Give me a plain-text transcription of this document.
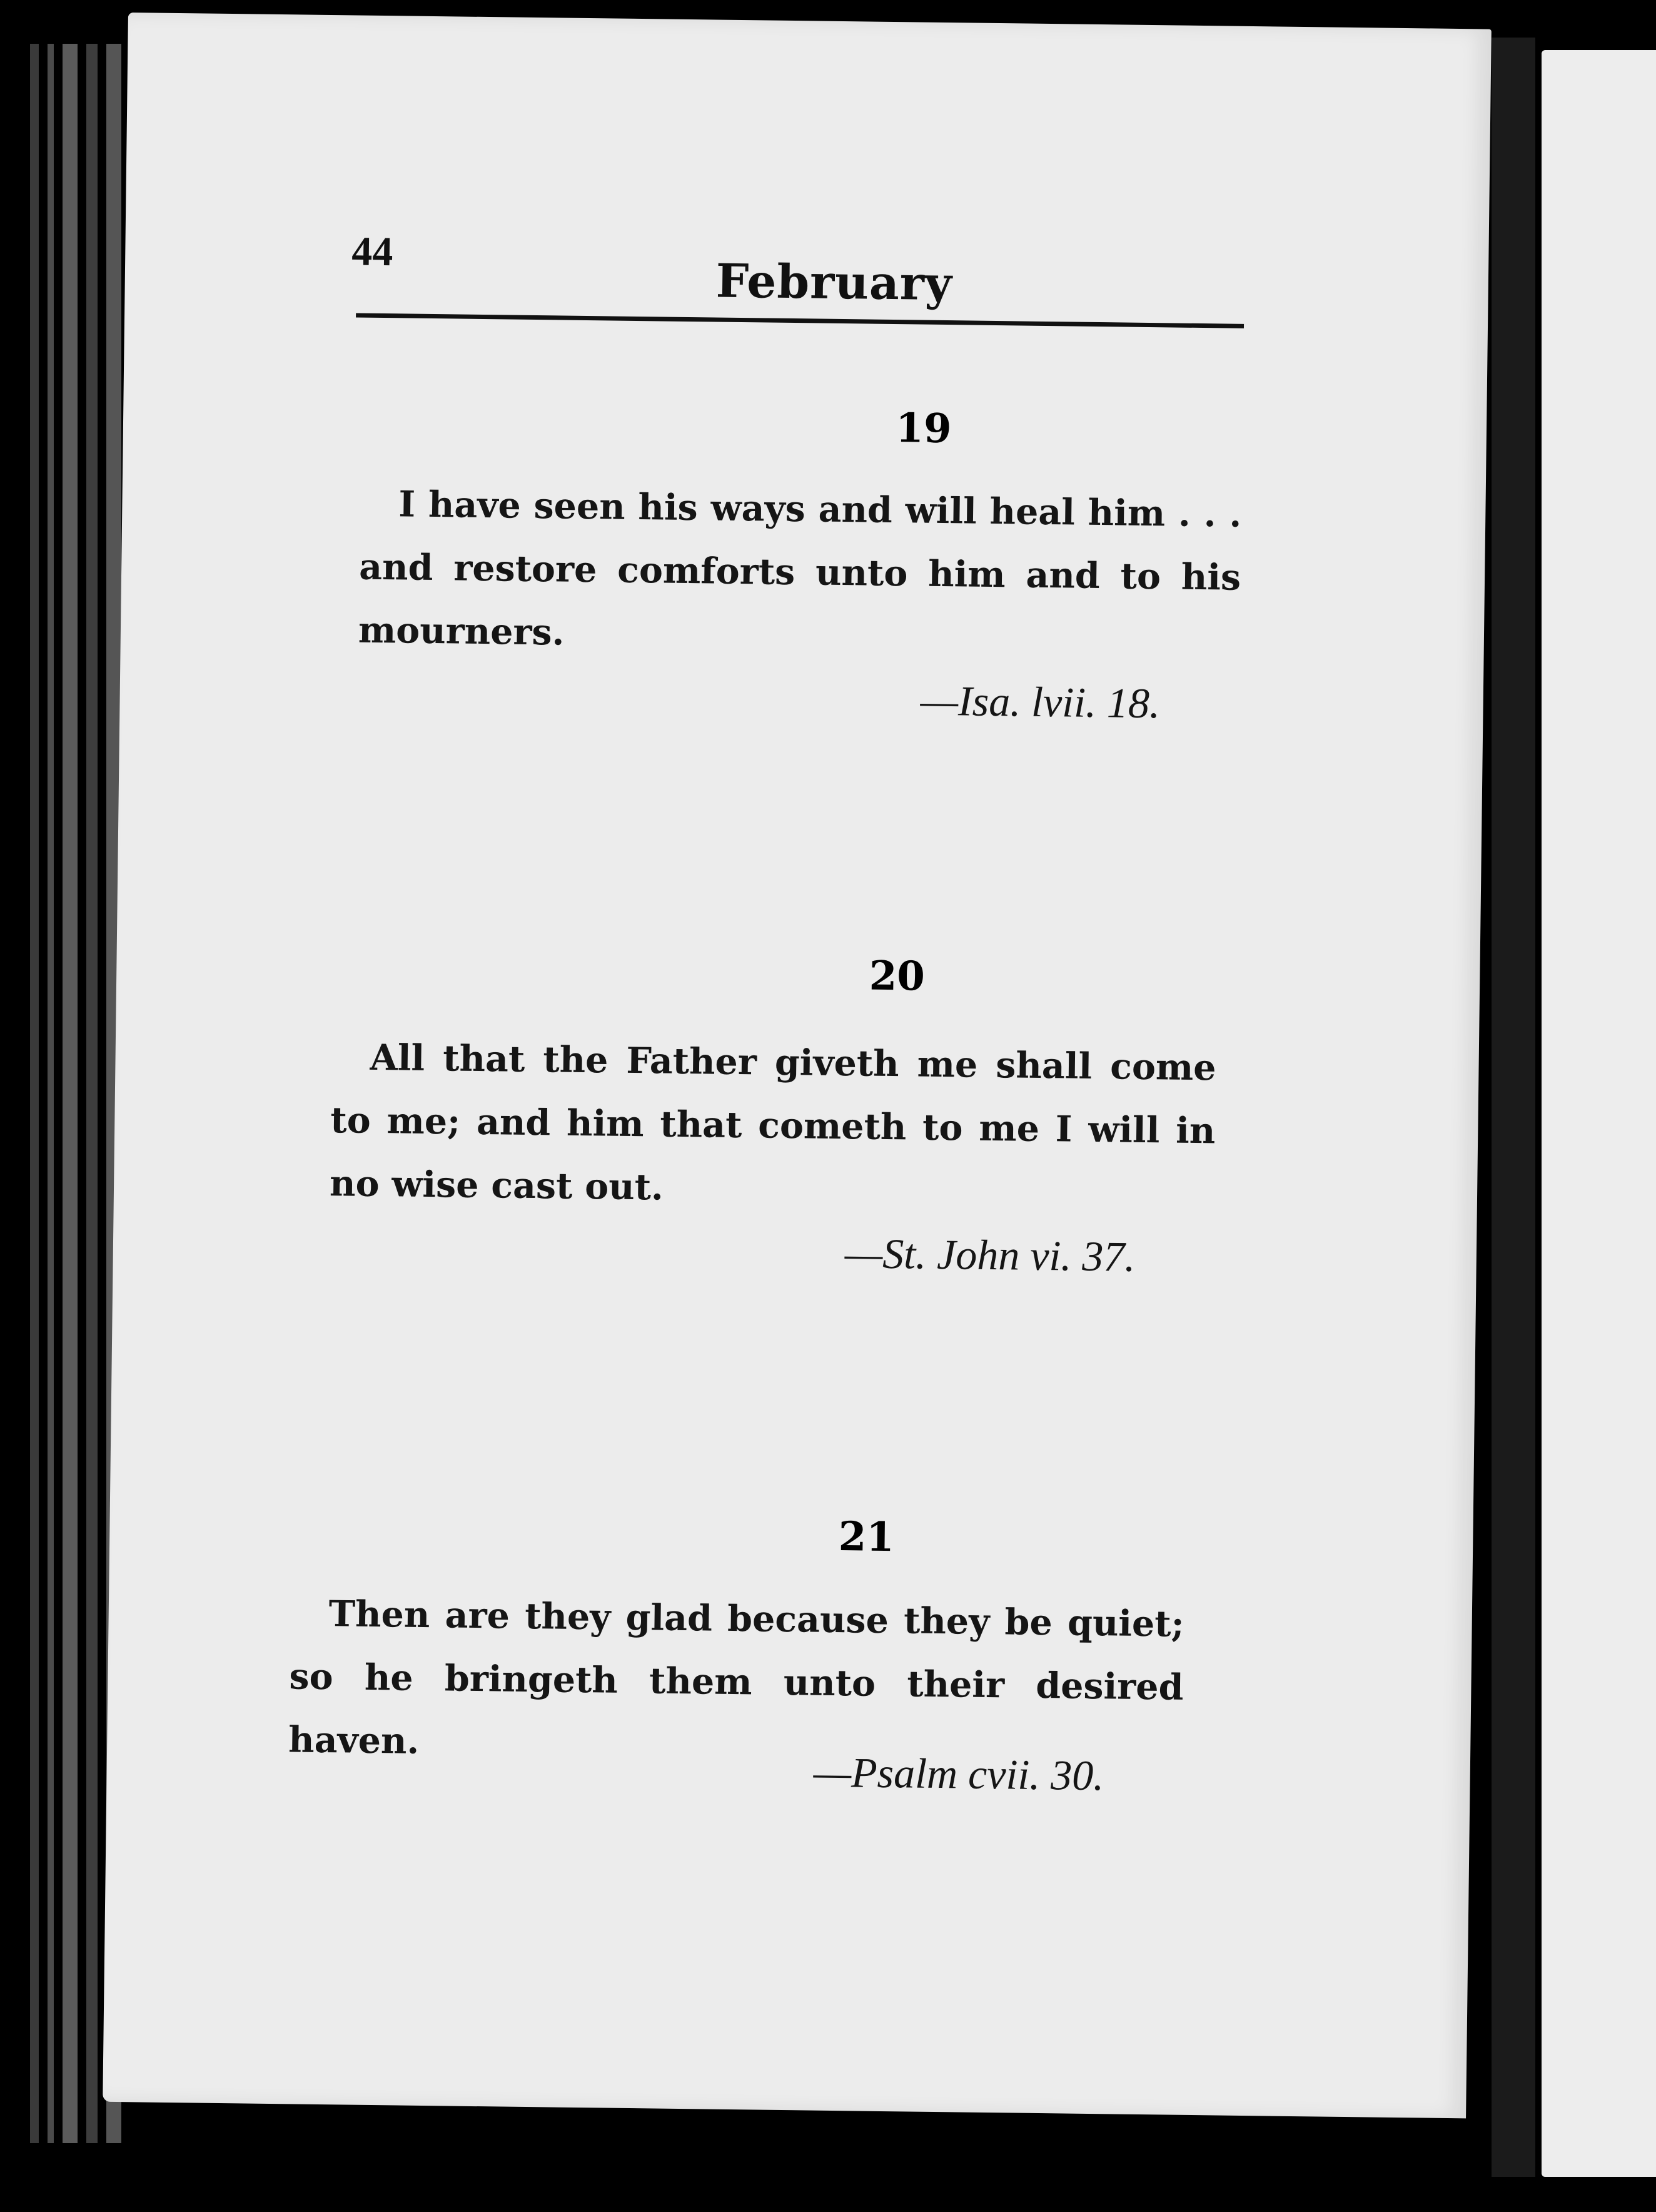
44
February
19
I have seen his ways and will heal him . . . and restore comforts unto him and to his mourners.
—Isa. lvii. 18.
20
All that the Father giveth me shall come to me; and him that cometh to me I will in no wise cast out.
—St. John vi. 37.
21
Then are they glad because they be quiet; so he bringeth them unto their desired haven.
—Psalm cvii. 30.
